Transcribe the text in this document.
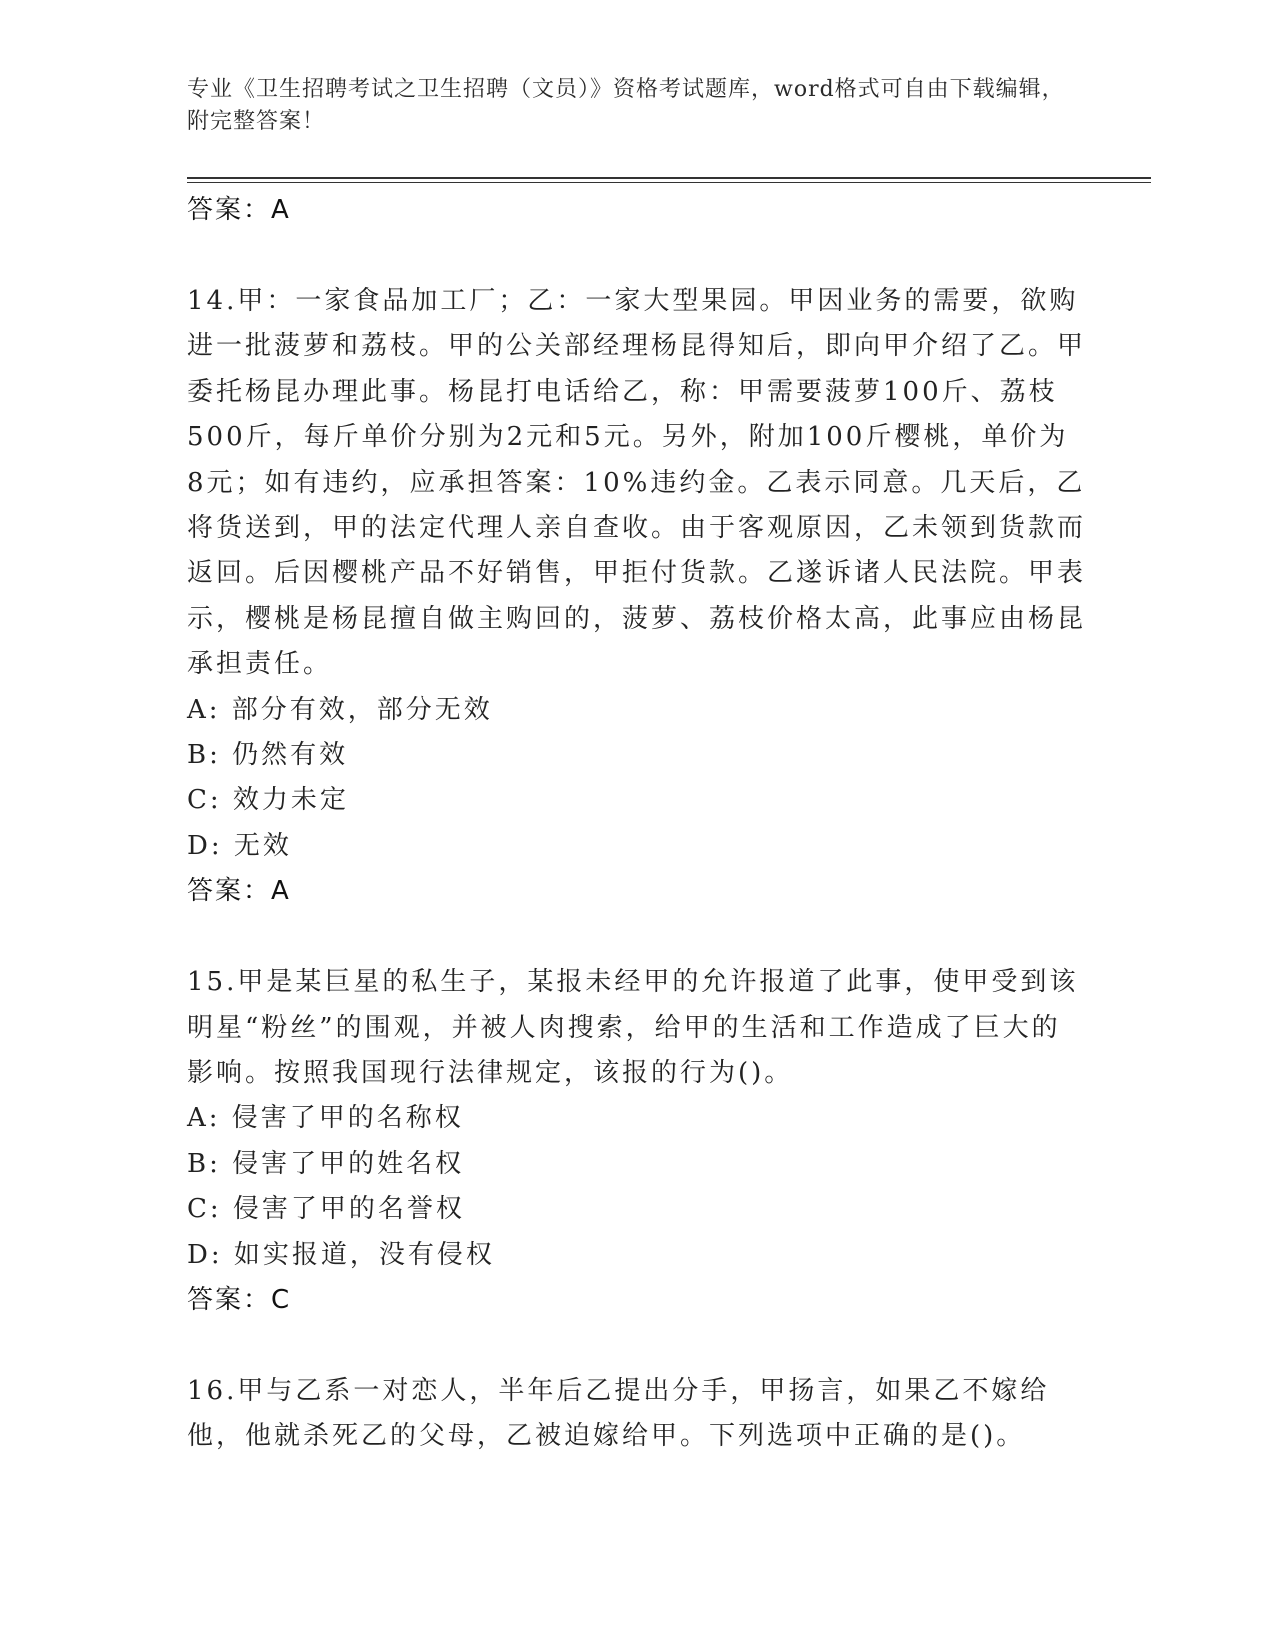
专业《卫生招聘考试之卫生招聘（文员）》资格考试题库，word格式可自由下载编辑，附完整答案！
答案：A

14.甲：一家食品加工厂；乙：一家大型果园。甲因业务的需要，欲购进一批菠萝和荔枝。甲的公关部经理杨昆得知后，即向甲介绍了乙。甲委托杨昆办理此事。杨昆打电话给乙，称：甲需要菠萝100斤、荔枝500斤，每斤单价分别为2元和5元。另外，附加100斤樱桃，单价为8元；如有违约，应承担答案：10%违约金。乙表示同意。几天后，乙将货送到，甲的法定代理人亲自查收。由于客观原因，乙未领到货款而返回。后因樱桃产品不好销售，甲拒付货款。乙遂诉诸人民法院。甲表示，樱桃是杨昆擅自做主购回的，菠萝、荔枝价格太高，此事应由杨昆承担责任。

A: 部分有效，部分无效
B: 仍然有效
C: 效力未定
D: 无效
答案：A

15.甲是某巨星的私生子，某报未经甲的允许报道了此事，使甲受到该明星“粉丝”的围观，并被人肉搜索，给甲的生活和工作造成了巨大的影响。按照我国现行法律规定，该报的行为()。

A: 侵害了甲的名称权
B: 侵害了甲的姓名权
C: 侵害了甲的名誉权
D: 如实报道，没有侵权
答案：C

16.甲与乙系一对恋人，半年后乙提出分手，甲扬言，如果乙不嫁给他，他就杀死乙的父母，乙被迫嫁给甲。下列选项中正确的是()。
